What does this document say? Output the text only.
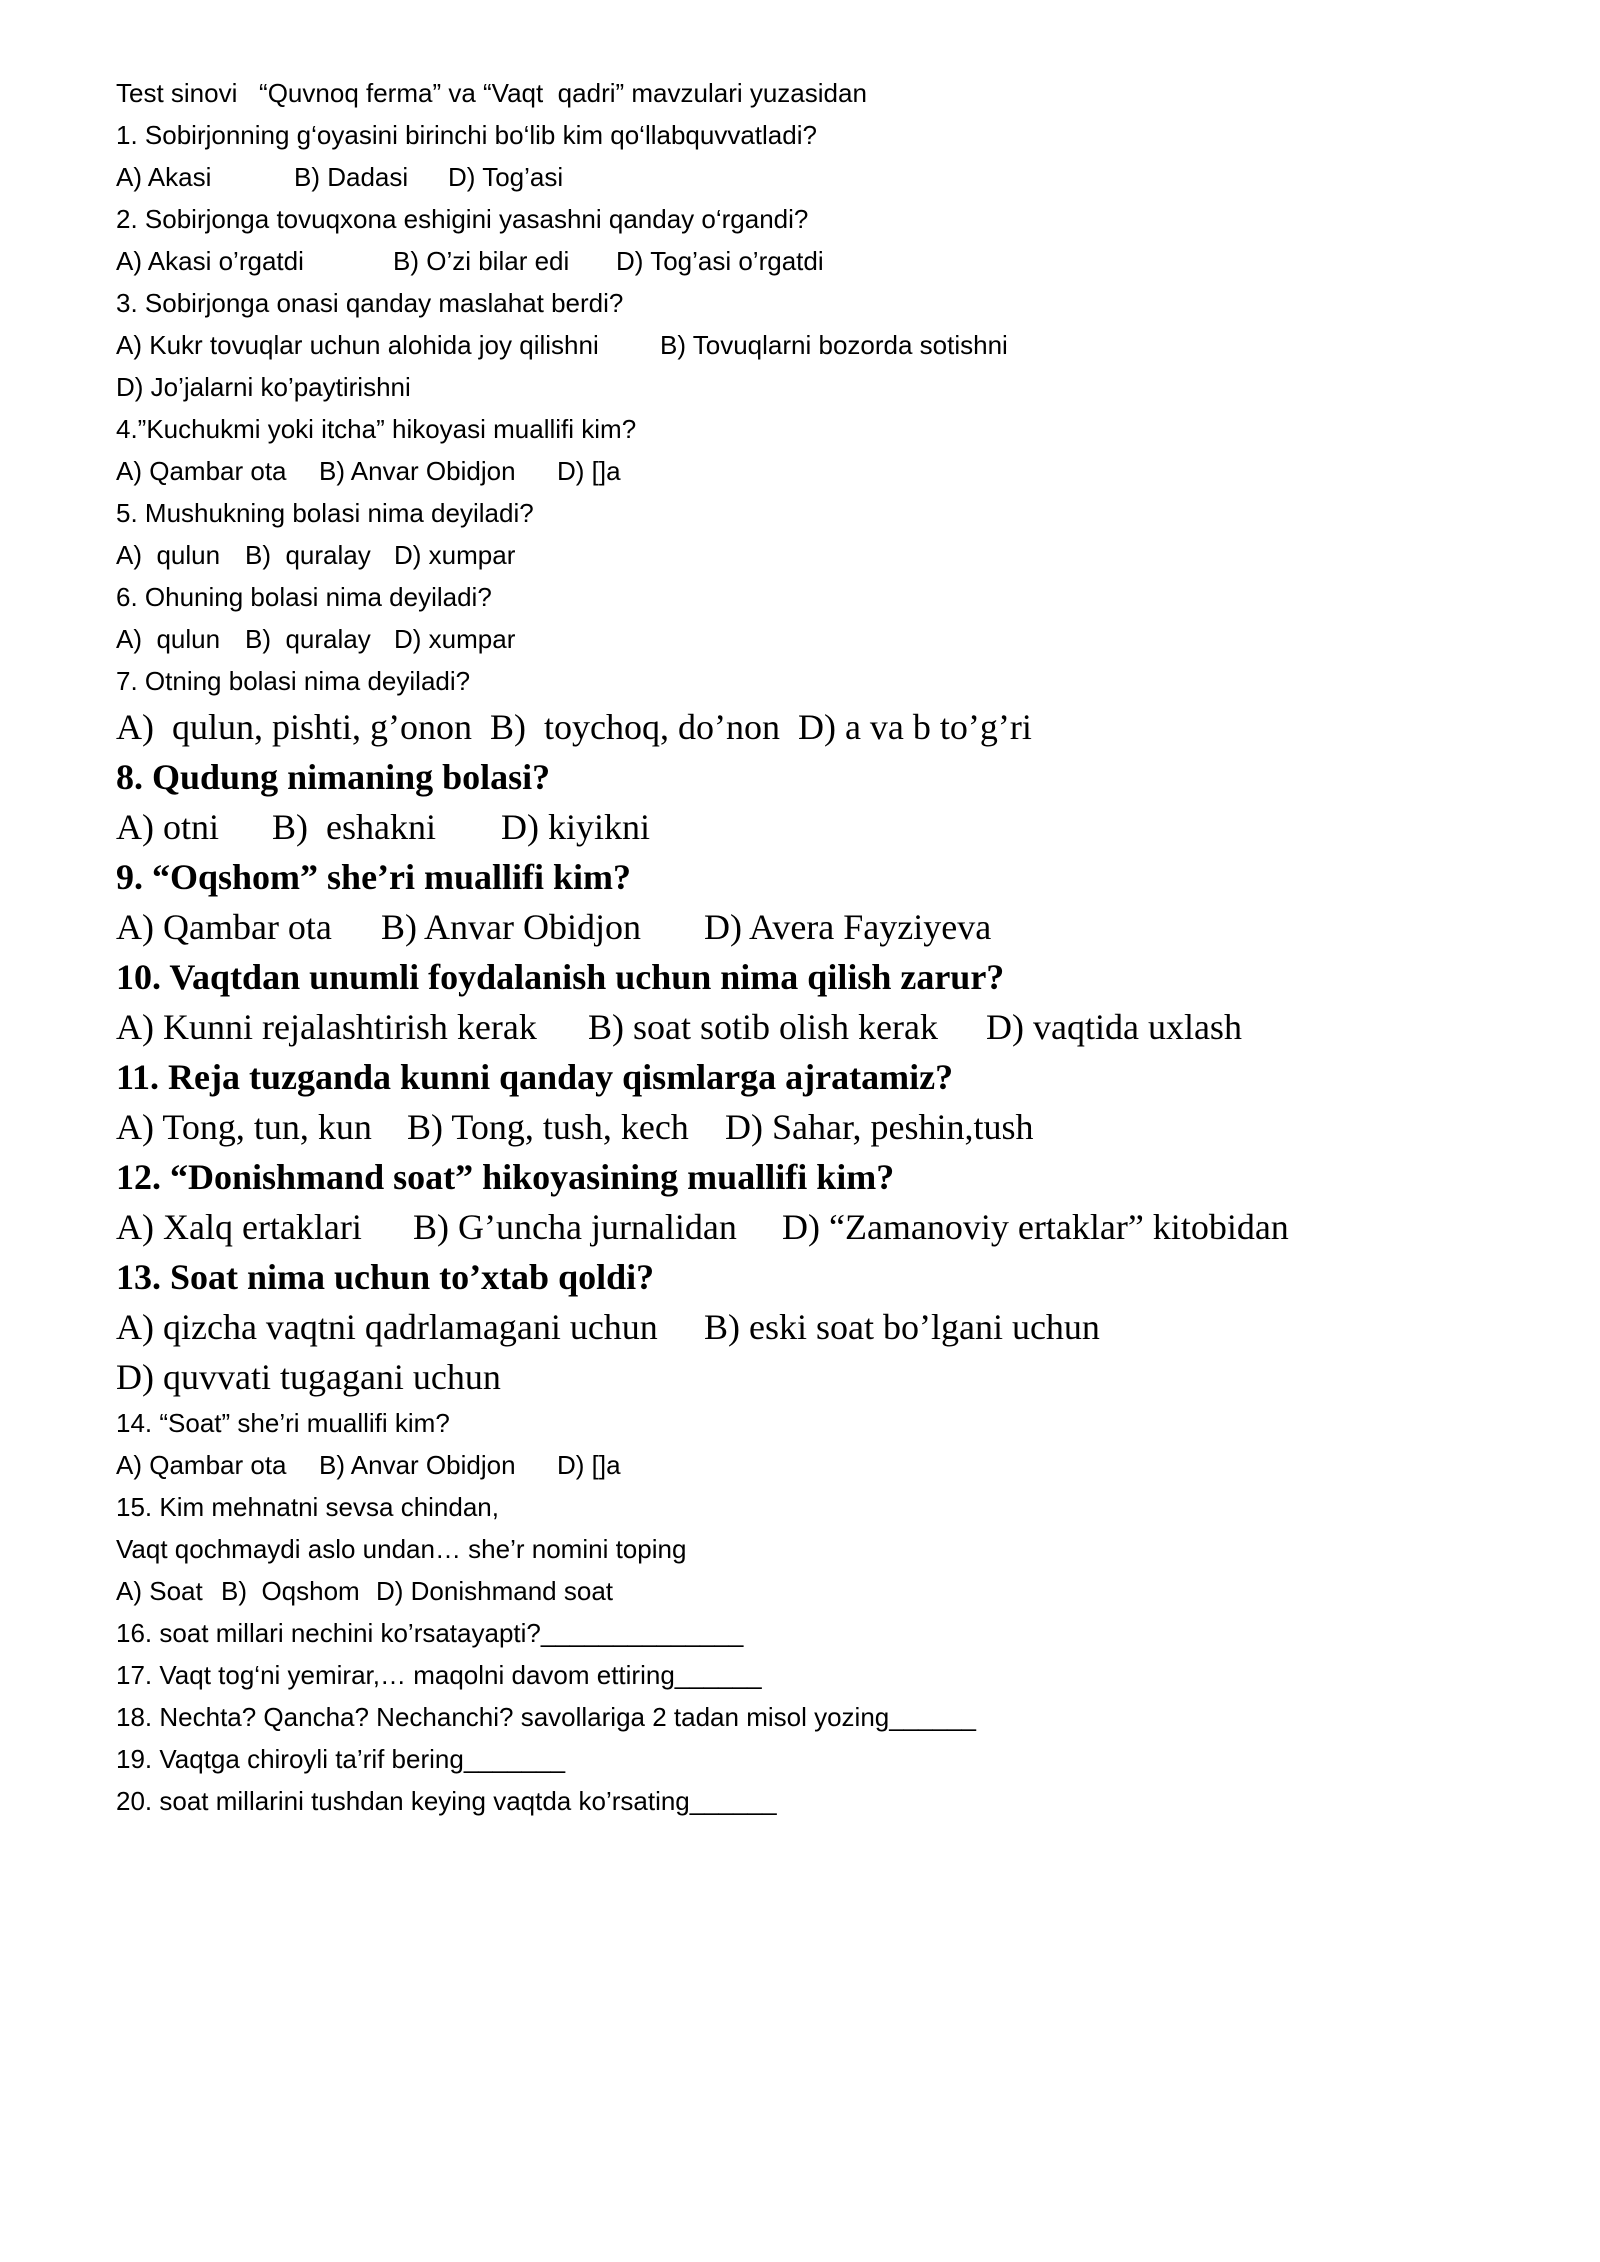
Test sinovi   “Quvnoq ferma” va “Vaqt  qadri” mavzulari yuzasidan
1. Sobirjonning g‘oyasini birinchi bo‘lib kim qo‘llabquvvatladi?
A) Akasi	B) Dadasi D) Tog’asi
2. Sobirjonga tovuqxona eshigini yasashni qanday o‘rgandi?
A) Akasi o’rgatdi	B) O’zi bilar edi D) Tog’asi o’rgatdi
3. Sobirjonga onasi qanday maslahat berdi?
A) Kukr tovuqlar uchun alohida joy qilishni B) Tovuqlarni bozorda sotishni
D) Jo’jalarni ko’paytirishni
4.”Kuchukmi yoki itcha” hikoyasi muallifi kim?
A) Qambar ota B) Anvar Obidjon D) []a
5. Mushukning bolasi nima deyiladi?
A)  qulun B)  quralay D) xumpar
6. Ohuning bolasi nima deyiladi?
A)  qulun B)  quralay D) xumpar
7. Otning bolasi nima deyiladi?
A)  qulun, pishti, g’onon  B)  toychoq, do’non  D) a va b to’g’ri
8. Qudung nimaning bolasi?
A) otni B)  eshakni D) kiyikni
9. “Oqshom” she’ri muallifi kim?
A) Qambar ota B) Anvar Obidjon D) Avera Fayziyeva
10. Vaqtdan unumli foydalanish uchun nima qilish zarur?
A) Kunni rejalashtirish kerak B) soat sotib olish kerak D) vaqtida uxlash
11. Reja tuzganda kunni qanday qismlarga ajratamiz?
A) Tong, tun, kun B) Tong, tush, kech D) Sahar, peshin,tush
12. “Donishmand soat” hikoyasining muallifi kim?
A) Xalq ertaklari B) G’uncha jurnalidan D) “Zamanoviy ertaklar” kitobidan
13. Soat nima uchun to’xtab qoldi?
A) qizcha vaqtni qadrlamagani uchun B) eski soat bo’lgani uchun
D) quvvati tugagani uchun
14. “Soat” she’ri muallifi kim?
A) Qambar ota B) Anvar Obidjon D) []a
15. Kim mehnatni sevsa chindan,
Vaqt qochmaydi aslo undan… she’r nomini toping
A) Soat B)  Oqshom D) Donishmand soat
16. soat millari nechini ko’rsatayapti?______________
17. Vaqt tog‘ni yemirar,… maqolni davom ettiring______
18. Nechta? Qancha? Nechanchi? savollariga 2 tadan misol yozing______
19. Vaqtga chiroyli ta’rif bering_______
20. soat millarini tushdan keying vaqtda ko’rsating______
